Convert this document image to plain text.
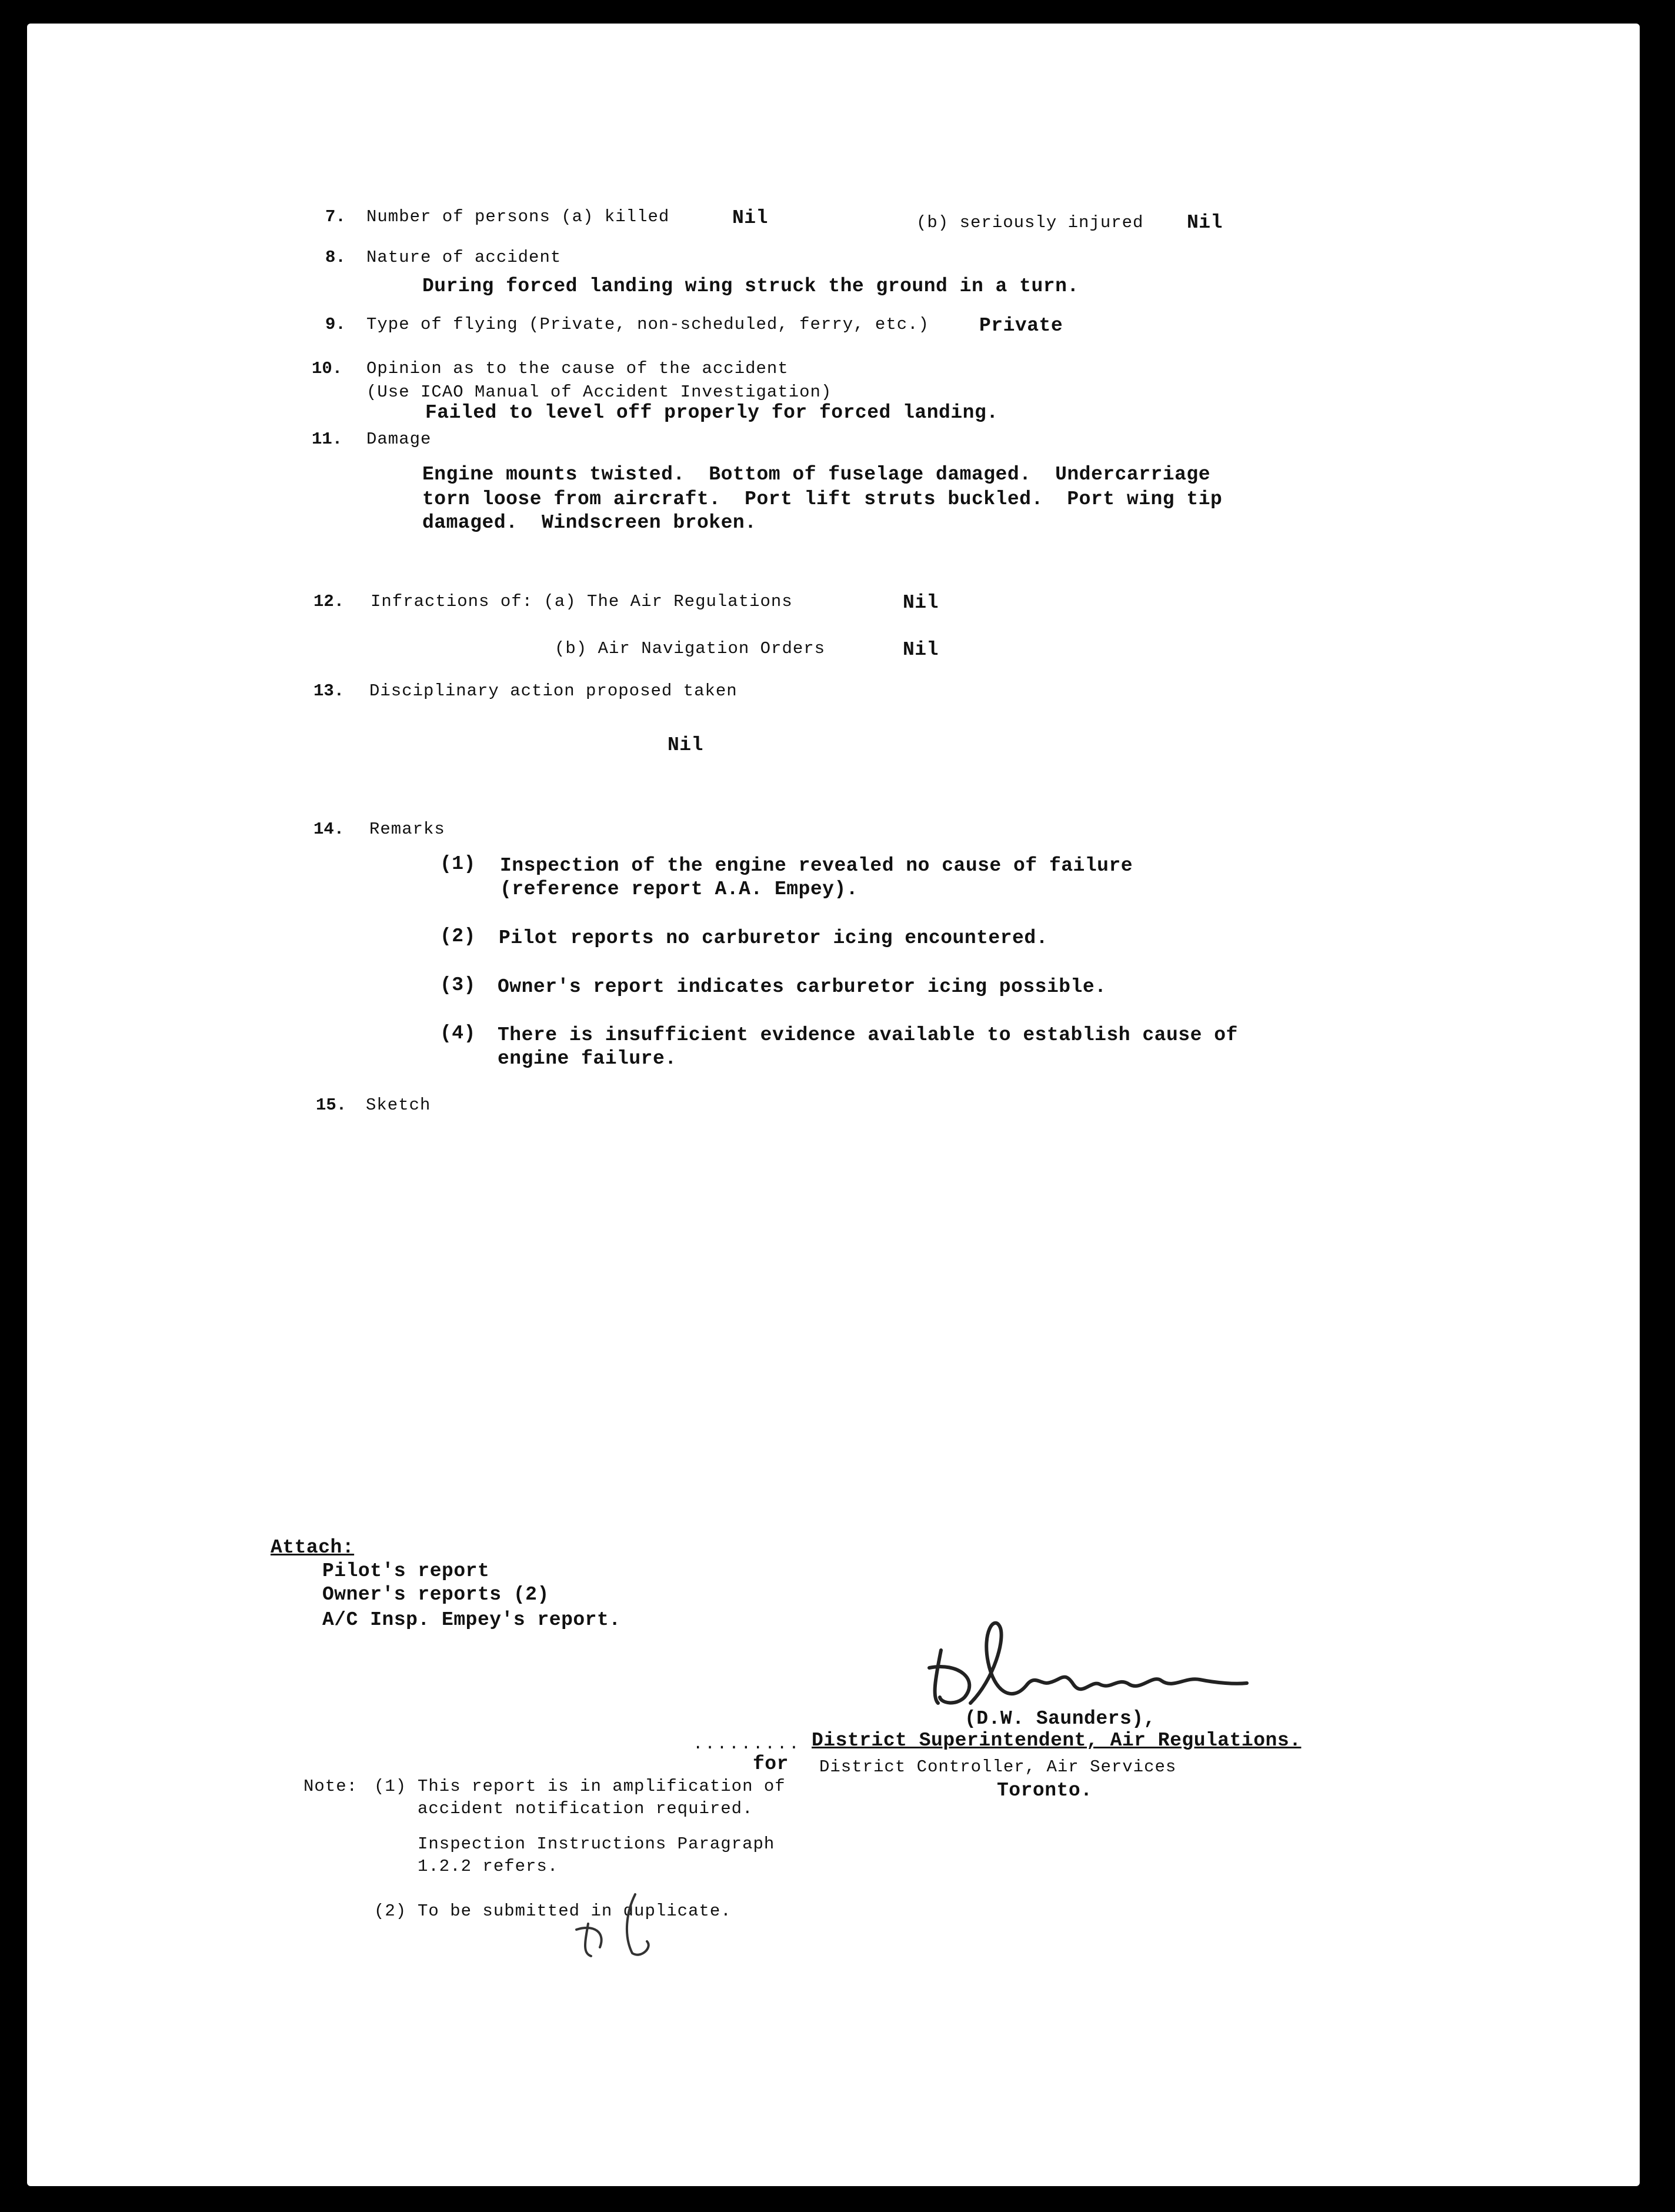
7. Number of persons (a) killed	Nil	(b) seriously injured Nil
8. Nature of accident
During forced landing wing struck the ground in a turn.
9. Type of flying (Private, non-scheduled, ferry, etc.)	Private
10. Opinion as to the cause of the accident
(Use ICAO Manual of Accident Investigation)
Failed to level off properly for forced landing.
11. Damage
Engine mounts twisted.  Bottom of fuselage damaged.  Undercarriage
torn loose from aircraft.  Port lift struts buckled.  Port wing tip
damaged.  Windscreen broken.
12. Infractions of: (a) The Air Regulations	Nil
(b) Air Navigation Orders	Nil
13. Disciplinary action proposed taken
Nil
14. Remarks
(1) Inspection of the engine revealed no cause of failure
(reference report A.A. Empey).
(2) Pilot reports no carburetor icing encountered.
(3) Owner's report indicates carburetor icing possible.
(4) There is insufficient evidence available to establish cause of
engine failure.
15. Sketch
Attach:
Pilot's report
Owner's reports (2)
A/C Insp. Empey's report.
(D.W. Saunders),
......... District Superintendent, Air Regulations.
for District Controller, Air Services
Toronto.
Note: (1) This report is in amplification of
accident notification required.
Inspection Instructions Paragraph
1.2.2 refers.
(2) To be submitted in duplicate.
